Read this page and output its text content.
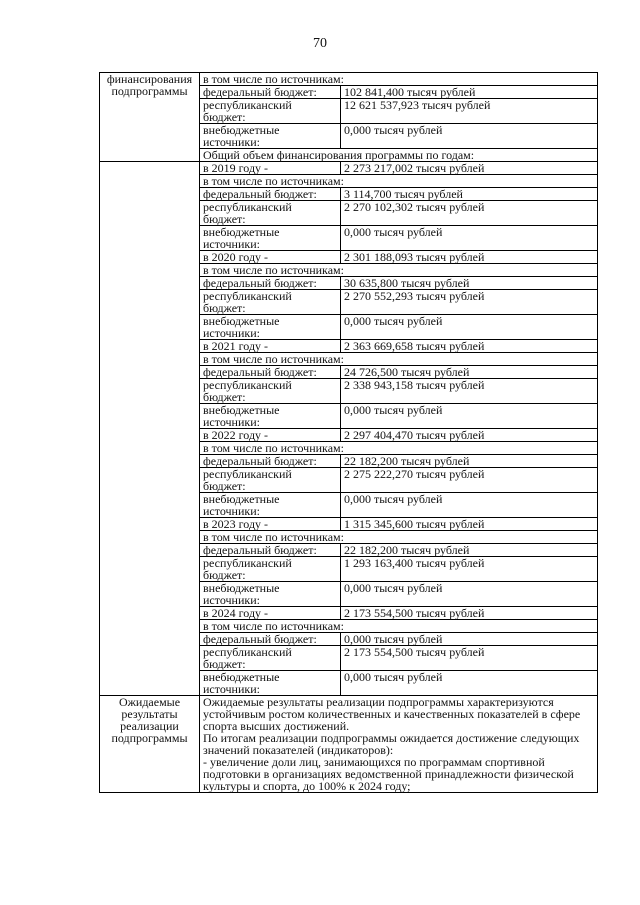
70
финансирования подпрограммы	в том числе по источникам:	
	федеральный бюджет:	102 841,400 тысяч рублей
	республиканский бюджет:	12 621 537,923 тысяч рублей
	внебюджетные источники:	0,000 тысяч рублей
	Общий объем финансирования программы по годам:	
	в 2019 году -	2 273 217,002 тысяч рублей
	в том числе по источникам:	
	федеральный бюджет:	3 114,700 тысяч рублей
	республиканский бюджет:	2 270 102,302 тысяч рублей
	внебюджетные источники:	0,000 тысяч рублей
	в 2020 году -	2 301 188,093 тысяч рублей
	в том числе по источникам:	
	федеральный бюджет:	30 635,800 тысяч рублей
	республиканский бюджет:	2 270 552,293 тысяч рублей
	внебюджетные источники:	0,000 тысяч рублей
	в 2021 году -	2 363 669,658 тысяч рублей
	в том числе по источникам:	
	федеральный бюджет:	24 726,500 тысяч рублей
	республиканский бюджет:	2 338 943,158 тысяч рублей
	внебюджетные источники:	0,000 тысяч рублей
	в 2022 году -	2 297 404,470 тысяч рублей
	в том числе по источникам:	
	федеральный бюджет:	22 182,200 тысяч рублей
	республиканский бюджет:	2 275 222,270 тысяч рублей
	внебюджетные источники:	0,000 тысяч рублей
	в 2023 году -	1 315 345,600 тысяч рублей
	в том числе по источникам:	
	федеральный бюджет:	22 182,200 тысяч рублей
	республиканский бюджет:	1 293 163,400 тысяч рублей
	внебюджетные источники:	0,000 тысяч рублей
	в 2024 году -	2 173 554,500 тысяч рублей
	в том числе по источникам:	
	федеральный бюджет:	0,000 тысяч рублей
	республиканский бюджет:	2 173 554,500 тысяч рублей
	внебюджетные источники:	0,000 тысяч рублей
Ожидаемые результаты реализации подпрограммы	Ожидаемые результаты реализации подпрограммы характеризуются устойчивым ростом количественных и качественных показателей в сфере спорта высших достижений.

По итогам реализации подпрограммы ожидается достижение следующих значений показателей (индикаторов):

- увеличение доли лиц, занимающихся по программам спортивной подготовки в организациях ведомственной принадлежности физической культуры и спорта, до 100% к 2024 году;	
